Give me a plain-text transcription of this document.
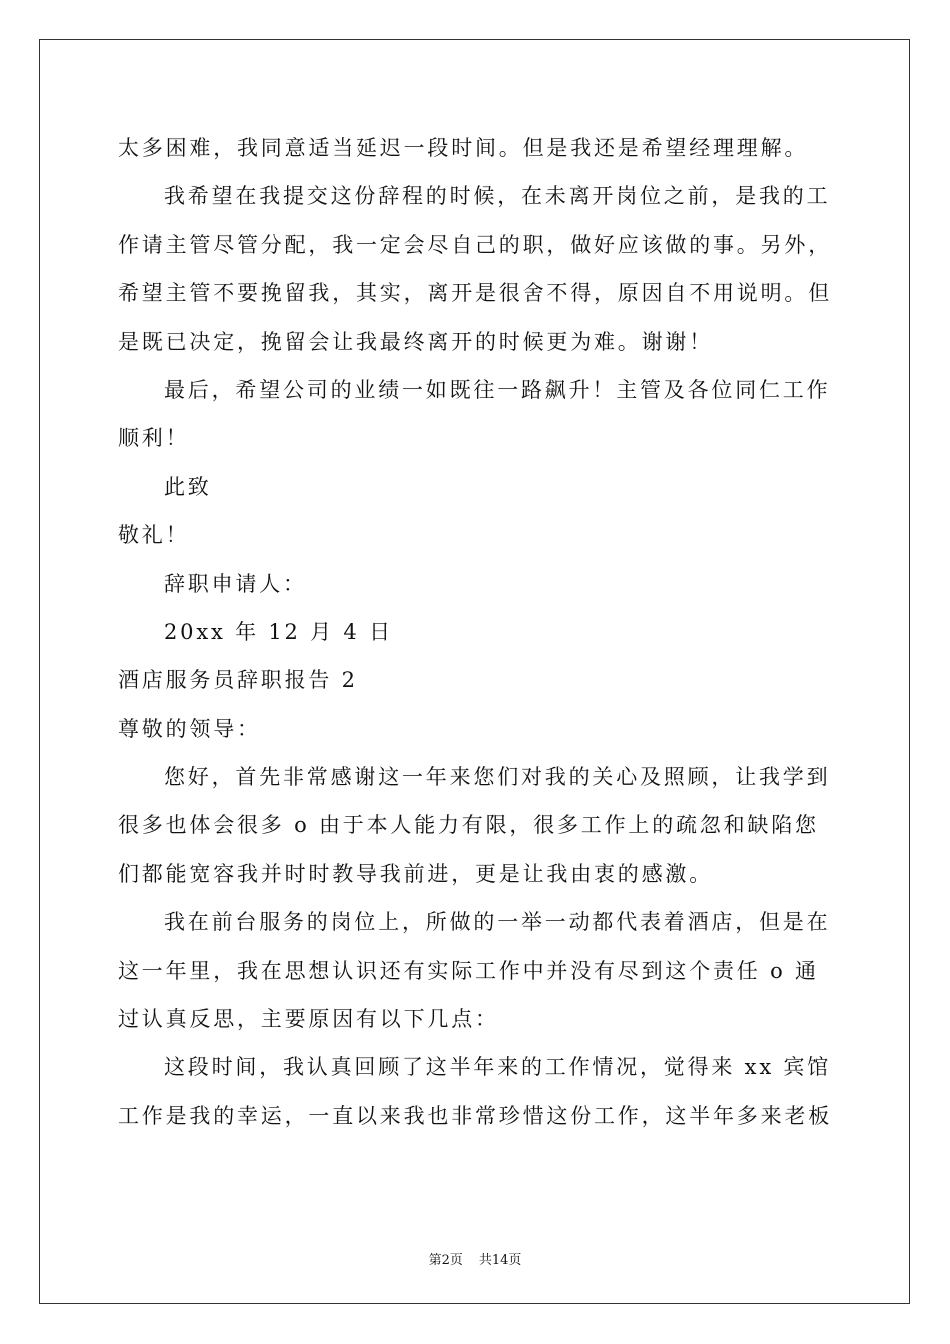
太多困难，我同意适当延迟一段时间。但是我还是希望经理理解。
我希望在我提交这份辞程的时候，在未离开岗位之前，是我的工
作请主管尽管分配，我一定会尽自己的职，做好应该做的事。另外，
希望主管不要挽留我，其实，离开是很舍不得，原因自不用说明。但
是既已决定，挽留会让我最终离开的时候更为难。谢谢！
最后，希望公司的业绩一如既往一路飙升！主管及各位同仁工作
顺利！
此致
敬礼！
辞职申请人：
20xx 年 12 月 4 日
酒店服务员辞职报告 2
尊敬的领导：
您好，首先非常感谢这一年来您们对我的关心及照顾，让我学到
很多也体会很多 o 由于本人能力有限，很多工作上的疏忽和缺陷您
们都能宽容我并时时教导我前进，更是让我由衷的感激。
我在前台服务的岗位上，所做的一举一动都代表着酒店，但是在
这一年里，我在思想认识还有实际工作中并没有尽到这个责任 o 通
过认真反思，主要原因有以下几点：
这段时间，我认真回顾了这半年来的工作情况，觉得来 xx 宾馆
工作是我的幸运，一直以来我也非常珍惜这份工作，这半年多来老板
第2页 共14页
